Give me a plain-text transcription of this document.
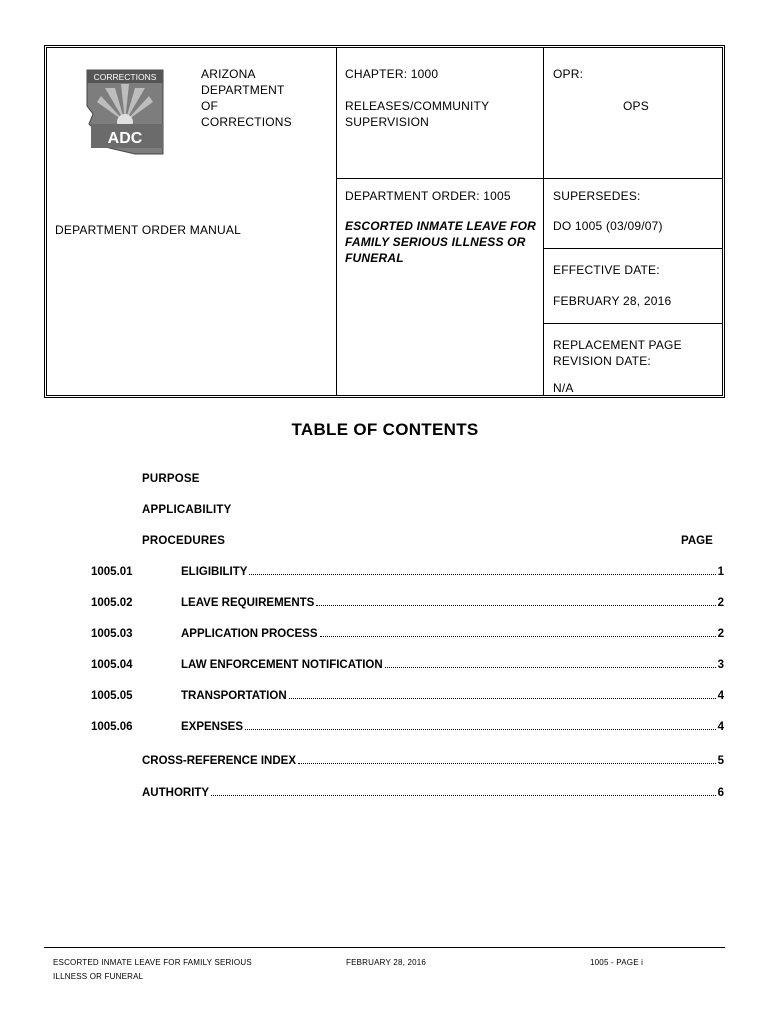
CORRECTIONS
ADC
ARIZONA
DEPARTMENT
OF
CORRECTIONS
CHAPTER: 1000
RELEASES/COMMUNITY
SUPERVISION
OPR:
OPS
DEPARTMENT ORDER MANUAL
DEPARTMENT ORDER: 1005
ESCORTED INMATE LEAVE FOR
FAMILY SERIOUS ILLNESS OR
FUNERAL
SUPERSEDES:
DO 1005 (03/09/07)
EFFECTIVE DATE:
FEBRUARY 28, 2016
REPLACEMENT PAGE
REVISION DATE:
N/A
TABLE OF CONTENTS
PURPOSE
APPLICABILITY
PROCEDURES	PAGE
1005.01	ELIGIBILITY	1
1005.02	LEAVE REQUIREMENTS	2
1005.03	APPLICATION PROCESS	2
1005.04	LAW ENFORCEMENT NOTIFICATION	3
1005.05	TRANSPORTATION	4
1005.06	EXPENSES	4
CROSS-REFERENCE INDEX	5
AUTHORITY	6
ESCORTED INMATE LEAVE FOR FAMILY SERIOUS
ILLNESS OR FUNERAL
FEBRUARY 28, 2016	1005 - PAGE i
